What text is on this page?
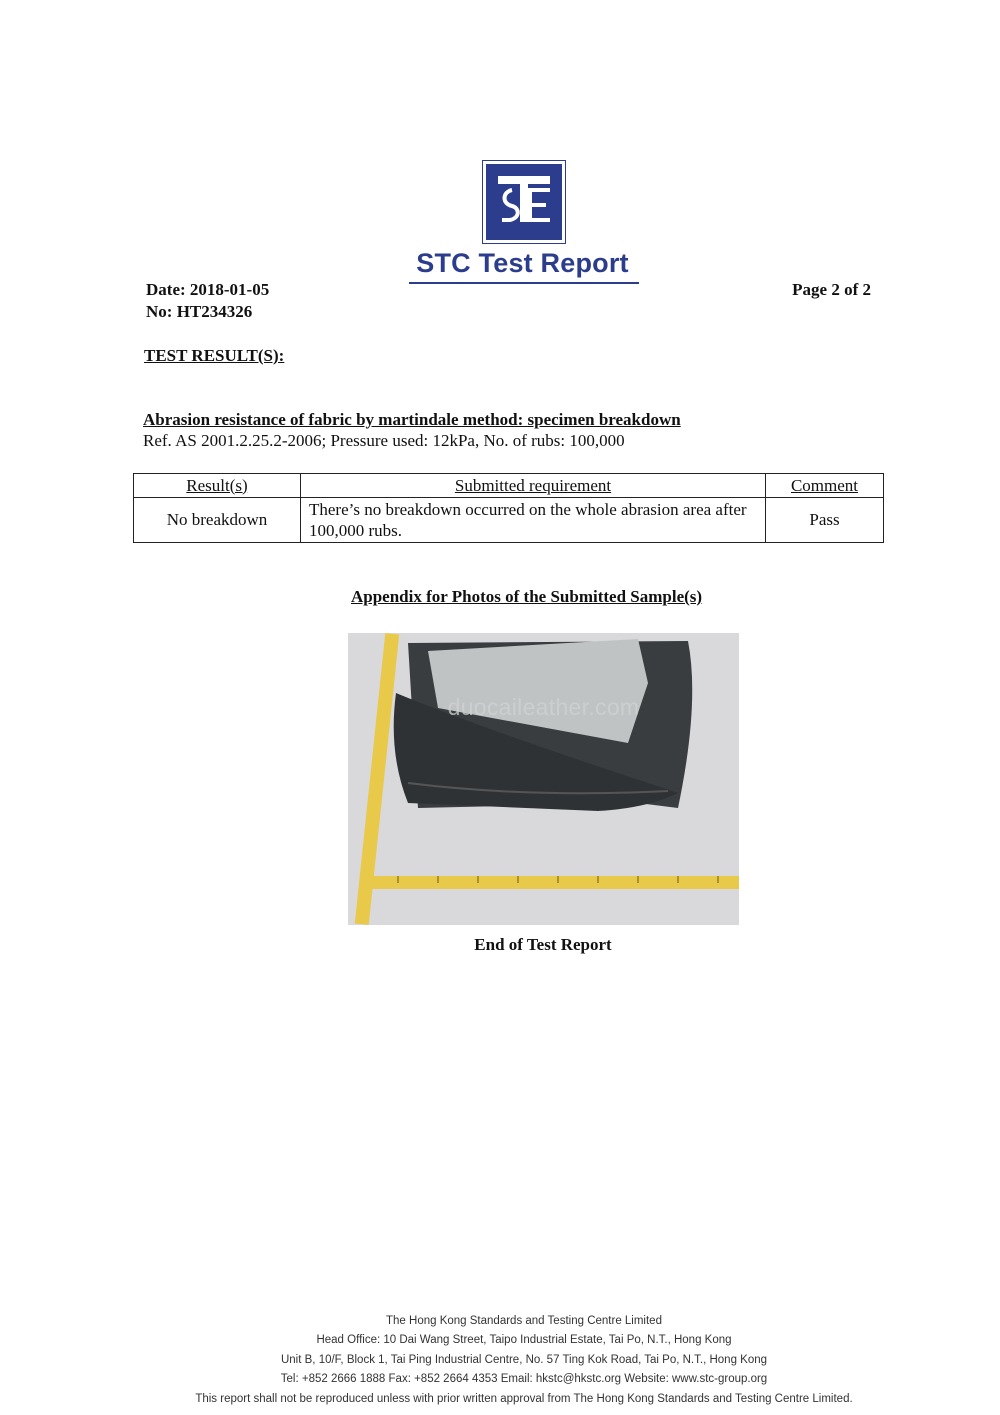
STC Test Report
Date: 2018-01-05
No: HT234326
Page 2 of 2
TEST RESULT(S):
Abrasion resistance of fabric by martindale method: specimen breakdown
Ref. AS 2001.2.25.2-2006; Pressure used: 12kPa, No. of rubs: 100,000
Result(s)	Submitted requirement	Comment
No breakdown	There’s no breakdown occurred on the whole abrasion area after 100,000 rubs.	Pass
Appendix for Photos of the Submitted Sample(s)
duocaileather.com
End of Test Report
The Hong Kong Standards and Testing Centre Limited
Head Office: 10 Dai Wang Street, Taipo Industrial Estate, Tai Po, N.T., Hong Kong
Unit B, 10/F, Block 1, Tai Ping Industrial Centre, No. 57 Ting Kok Road, Tai Po, N.T., Hong Kong
Tel: +852 2666 1888 Fax: +852 2664 4353 Email: hkstc@hkstc.org Website: www.stc-group.org
This report shall not be reproduced unless with prior written approval from The Hong Kong Standards and Testing Centre Limited.
